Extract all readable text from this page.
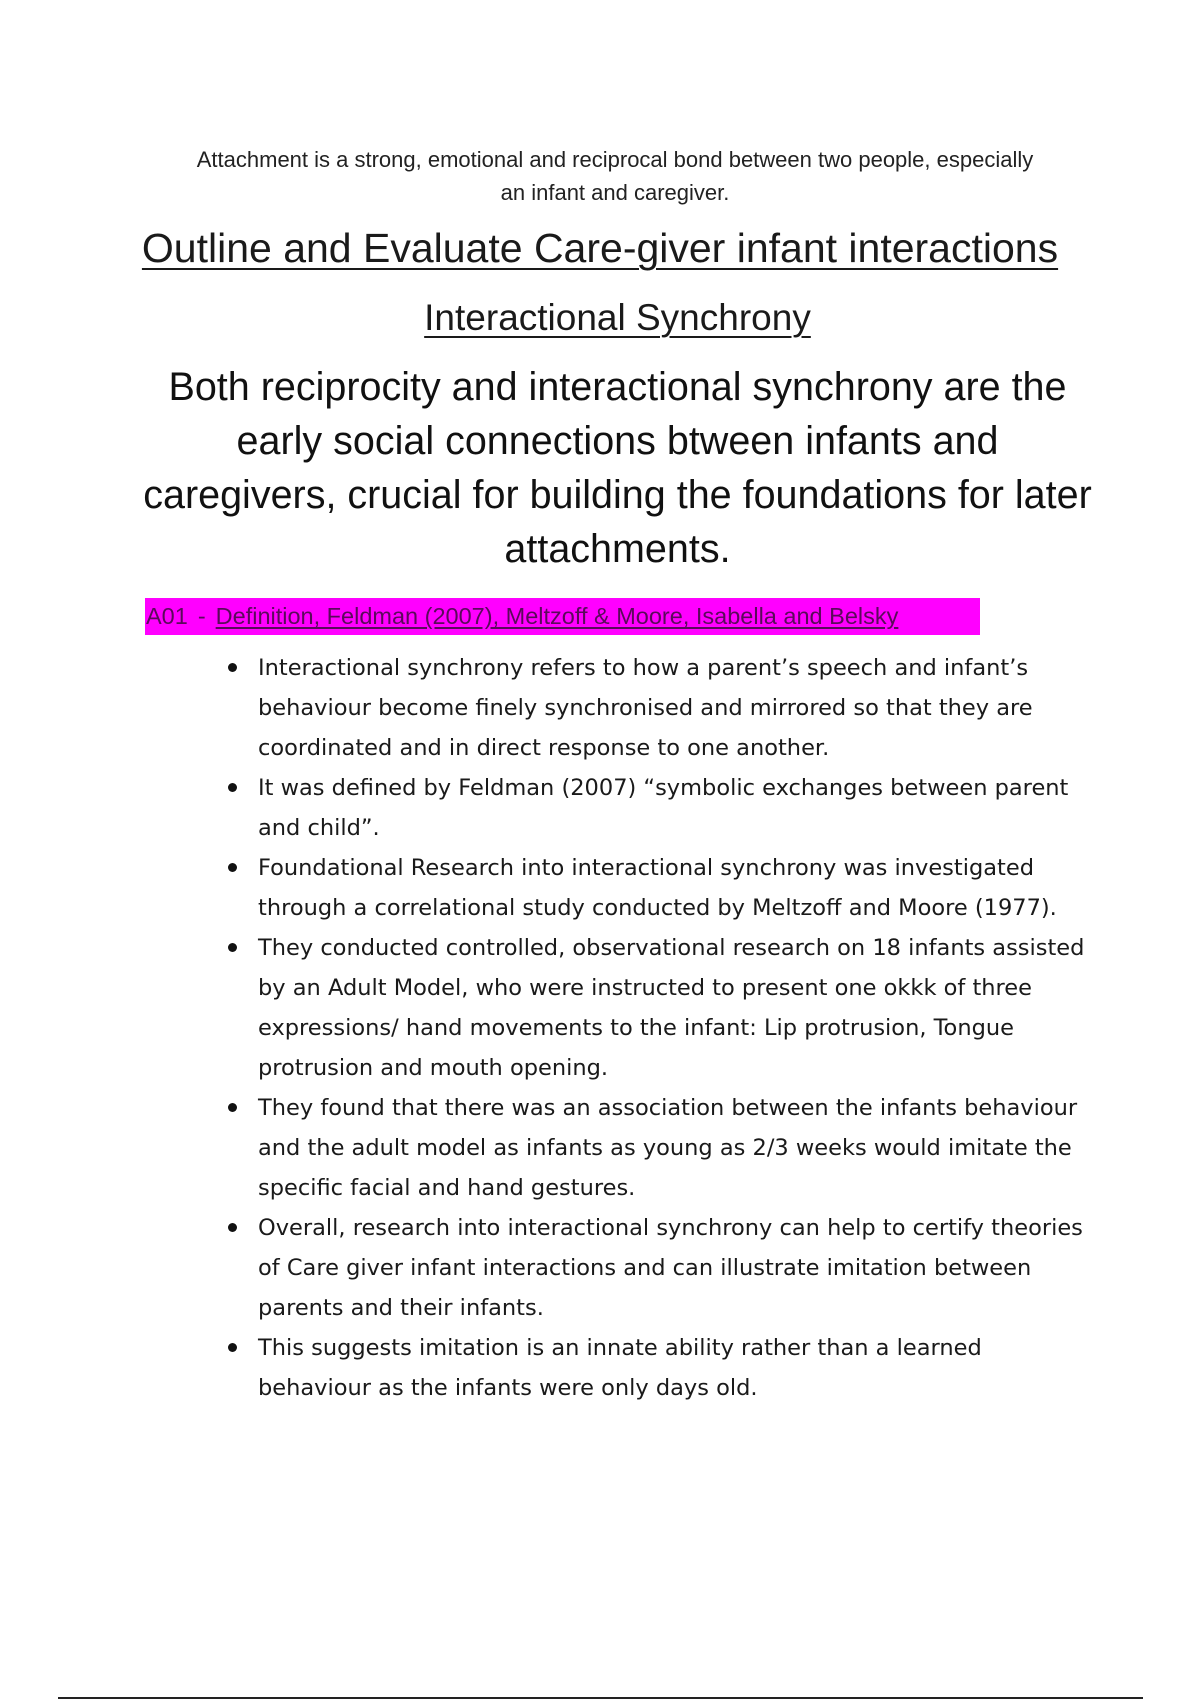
Attachment is a strong, emotional and reciprocal bond between two people, especially
an infant and caregiver.
Outline and Evaluate Care-giver infant interactions
Interactional Synchrony
Both reciprocity and interactional synchrony are the early social connections btween infants and caregivers, crucial for building the foundations for later attachments.
A01 - Definition, Feldman (2007), Meltzoff & Moore, Isabella and Belsky
Interactional synchrony refers to how a parent’s speech and infant’s behaviour become finely synchronised and mirrored so that they are coordinated and in direct response to one another.
It was defined by Feldman (2007) “symbolic exchanges between parent and child”.
Foundational Research into interactional synchrony was investigated through a correlational study conducted by Meltzoff and Moore (1977).
They conducted controlled, observational research on 18 infants assisted by an Adult Model, who were instructed to present one okkk of three expressions/ hand movements to the infant: Lip protrusion, Tongue protrusion and mouth opening.
They found that there was an association between the infants behaviour and the adult model as infants as young as 2/3 weeks would imitate the specific facial and hand gestures.
Overall, research into interactional synchrony can help to certify theories of Care giver infant interactions and can illustrate imitation between parents and their infants.
This suggests imitation is an innate ability rather than a learned behaviour as the infants were only days old.
